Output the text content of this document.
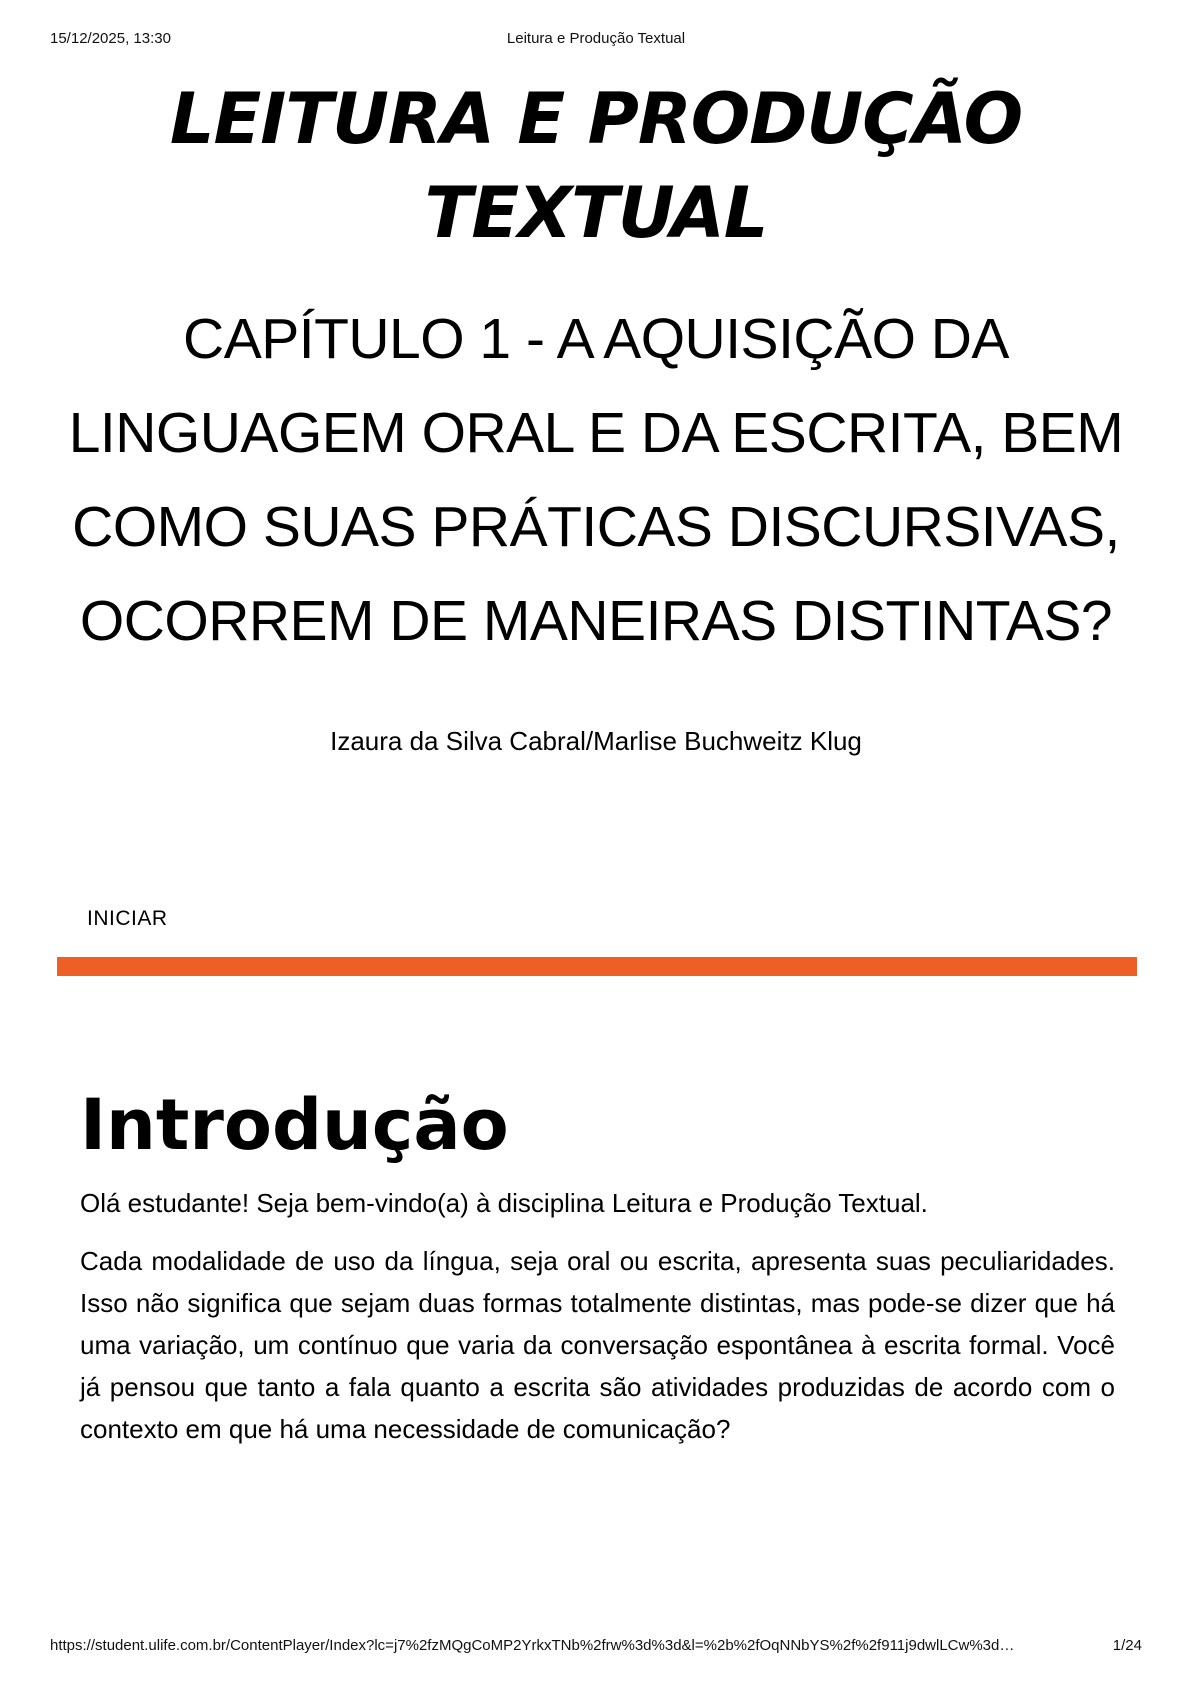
15/12/2025, 13:30	Leitura e Produção Textual
LEITURA E PRODUÇÃO TEXTUAL
CAPÍTULO 1 - A AQUISIÇÃO DA LINGUAGEM ORAL E DA ESCRITA, BEM COMO SUAS PRÁTICAS DISCURSIVAS, OCORREM DE MANEIRAS DISTINTAS?
Izaura da Silva Cabral/Marlise Buchweitz Klug
INICIAR
Introdução

Olá estudante! Seja bem-vindo(a) à disciplina Leitura e Produção Textual.

Cada modalidade de uso da língua, seja oral ou escrita, apresenta suas peculiaridades. Isso não significa que sejam duas formas totalmente distintas, mas pode-se dizer que há uma variação, um contínuo que varia da conversação espontânea à escrita formal. Você já pensou que tanto a fala quanto a escrita são atividades produzidas de acordo com o contexto em que há uma necessidade de comunicação?

https://student.ulife.com.br/ContentPlayer/Index?lc=j7%2fzMQgCoMP2YrkxTNb%2frw%3d%3d&l=%2b%2fOqNNbYS%2f%2f911j9dwlLCw%3d…	1/24
